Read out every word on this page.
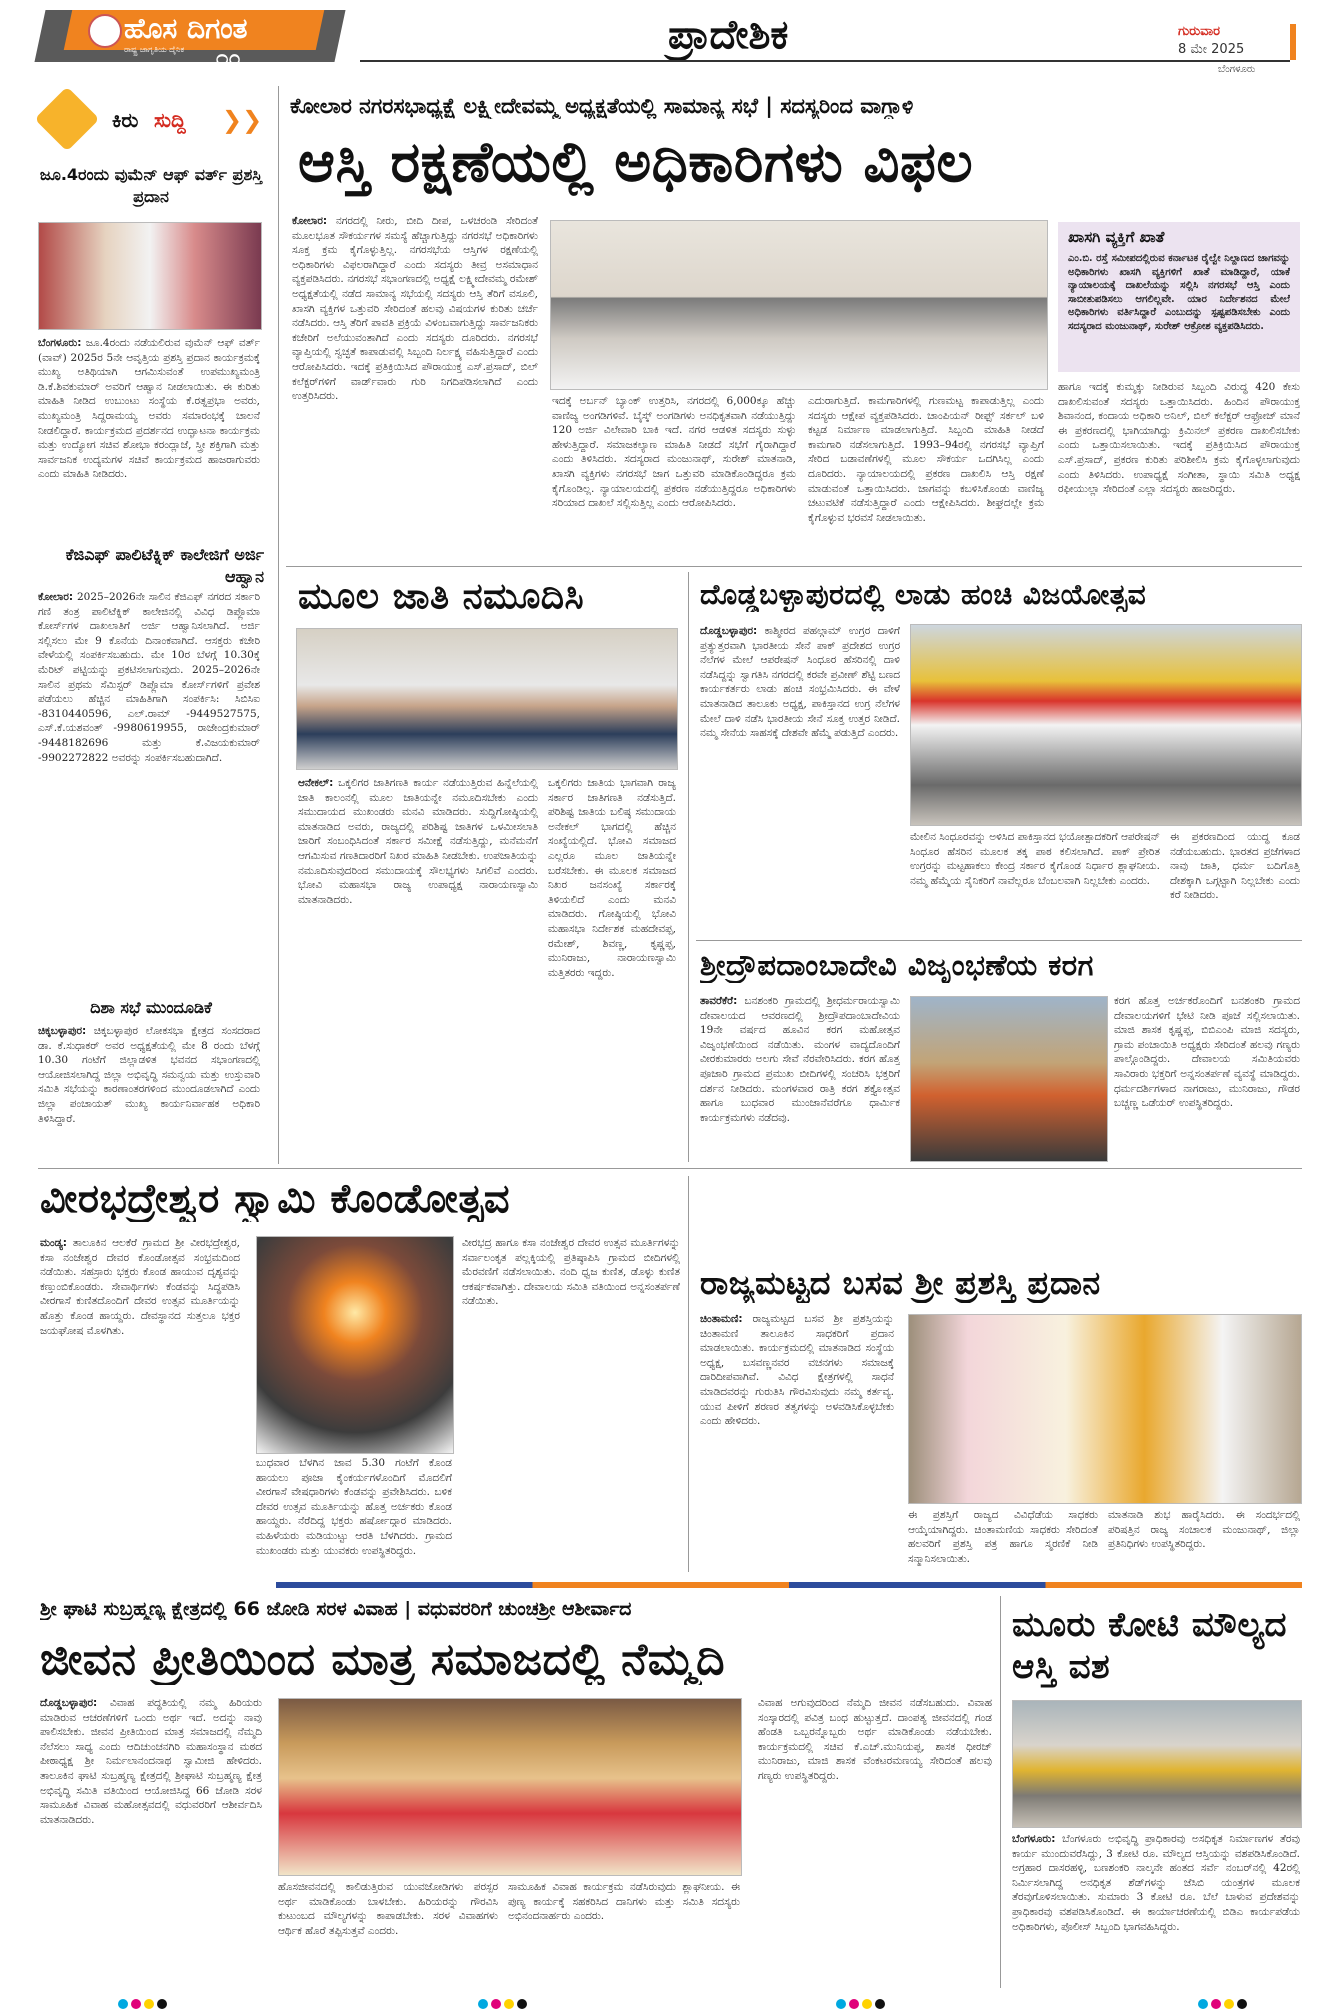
ಹೊಸ ದಿಗಂತ
ರಾಷ್ಟ್ರ ಜಾಗೃತಿಯ ದೈನಿಕ ೧೦
ಪ್ರಾದೇಶಿಕ	ಗುರುವಾರ
8 ಮೇ 2025
ಬೆಂಗಳೂರು
ಕಿರು ಸುದ್ದಿ ❯❯
ಜೂ.4ರಂದು ವುಮೆನ್ ಆಫ್ ವರ್ತ್ ಪ್ರಶಸ್ತಿ ಪ್ರದಾನ
ಬೆಂಗಳೂರು: ಜೂ.4ರಂದು ನಡೆಯಲಿರುವ ವುಮೆನ್ ಆಫ್ ವರ್ತ್ (ವಾವ್) 2025ರ 5ನೇ ಆವೃತ್ತಿಯ ಪ್ರಶಸ್ತಿ ಪ್ರದಾನ ಕಾರ್ಯಕ್ರಮಕ್ಕೆ ಮುಖ್ಯ ಅತಿಥಿಯಾಗಿ ಆಗಮಿಸುವಂತೆ ಉಪಮುಖ್ಯಮಂತ್ರಿ ಡಿ.ಕೆ.ಶಿವಕುಮಾರ್ ಅವರಿಗೆ ಆಹ್ವಾನ ನೀಡಲಾಯಿತು. ಈ ಕುರಿತು ಮಾಹಿತಿ ನೀಡಿದ ಉಬುಂಟು ಸಂಸ್ಥೆಯ ಕೆ.ರತ್ನಪ್ರಭಾ ಅವರು, ಮುಖ್ಯಮಂತ್ರಿ ಸಿದ್ದರಾಮಯ್ಯ ಅವರು ಸಮಾರಂಭಕ್ಕೆ ಚಾಲನೆ ನೀಡಲಿದ್ದಾರೆ. ಕಾರ್ಯಕ್ರಮದ ಪ್ರದರ್ಶನದ ಉದ್ಘಾಟನಾ ಕಾರ್ಯಕ್ರಮ ಮತ್ತು ಉದ್ಯೋಗ ಸಚಿವ ಶೋಭಾ ಕರಂದ್ಲಾಜೆ, ಸ್ತ್ರೀ ಶಕ್ತಿಗಾಗಿ ಮತ್ತು ಸಾರ್ವಜನಿಕ ಉದ್ಯಮಗಳ ಸಚಿವೆ ಕಾರ್ಯಕ್ರಮದ ಹಾಜರಾಗುವರು ಎಂದು ಮಾಹಿತಿ ನೀಡಿದರು.
ಕೆಜಿಎಫ್ ಪಾಲಿಟೆಕ್ನಿಕ್ ಕಾಲೇಜಿಗೆ ಅರ್ಜಿ ಆಹ್ವಾನ
ಕೋಲಾರ: 2025–2026ನೇ ಸಾಲಿನ ಕೆಜಿಎಫ್ ನಗರದ ಸರ್ಕಾರಿ ಗಣಿ ತಂತ್ರ ಪಾಲಿಟೆಕ್ನಿಕ್ ಕಾಲೇಜಿನಲ್ಲಿ ವಿವಿಧ ಡಿಪ್ಲೊಮಾ ಕೋರ್ಸ್‌ಗಳ ದಾಖಲಾತಿಗೆ ಅರ್ಜಿ ಆಹ್ವಾನಿಸಲಾಗಿದೆ. ಅರ್ಜಿ ಸಲ್ಲಿಸಲು ಮೇ 9 ಕೊನೆಯ ದಿನಾಂಕವಾಗಿದೆ. ಆಸಕ್ತರು ಕಚೇರಿ ವೇಳೆಯಲ್ಲಿ ಸಂಪರ್ಕಿಸಬಹುದು. ಮೇ 10ರ ಬೆಳಗ್ಗೆ 10.30ಕ್ಕೆ ಮೆರಿಟ್ ಪಟ್ಟಿಯನ್ನು ಪ್ರಕಟಿಸಲಾಗುವುದು. 2025–2026ನೇ ಸಾಲಿನ ಪ್ರಥಮ ಸೆಮಿಸ್ಟರ್ ಡಿಪ್ಲೊಮಾ ಕೋರ್ಸ್‌ಗಳಿಗೆ ಪ್ರವೇಶ ಪಡೆಯಲು ಹೆಚ್ಚಿನ ಮಾಹಿತಿಗಾಗಿ ಸಂಪರ್ಕಿಸಿ: ಸಿಬಿಸಿಐ -8310440596, ಎಲ್.ರಾಮ್ -9449527575, ಎಸ್.ಕೆ.ಯಶವಂತ್ -9980619955, ರಾಜೇಂದ್ರಕುಮಾರ್ -9448182696 ಮತ್ತು ಕೆ.ವಿಜಯಕುಮಾರ್ -9902272822 ಅವರನ್ನು ಸಂಪರ್ಕಿಸಬಹುದಾಗಿದೆ.
ದಿಶಾ ಸಭೆ ಮುಂದೂಡಿಕೆ
ಚಿಕ್ಕಬಳ್ಳಾಪುರ: ಚಿಕ್ಕಬಳ್ಳಾಪುರ ಲೋಕಸಭಾ ಕ್ಷೇತ್ರದ ಸಂಸದರಾದ ಡಾ. ಕೆ.ಸುಧಾಕರ್ ಅವರ ಅಧ್ಯಕ್ಷತೆಯಲ್ಲಿ ಮೇ 8 ರಂದು ಬೆಳಗ್ಗೆ 10.30 ಗಂಟೆಗೆ ಜಿಲ್ಲಾಡಳಿತ ಭವನದ ಸಭಾಂಗಣದಲ್ಲಿ ಆಯೋಜಿಸಲಾಗಿದ್ದ ಜಿಲ್ಲಾ ಅಭಿವೃದ್ಧಿ ಸಮನ್ವಯ ಮತ್ತು ಉಸ್ತುವಾರಿ ಸಮಿತಿ ಸಭೆಯನ್ನು ಕಾರಣಾಂತರಗಳಿಂದ ಮುಂದೂಡಲಾಗಿದೆ ಎಂದು ಜಿಲ್ಲಾ ಪಂಚಾಯತ್ ಮುಖ್ಯ ಕಾರ್ಯನಿರ್ವಾಹಕ ಅಧಿಕಾರಿ ತಿಳಿಸಿದ್ದಾರೆ.
ಕೋಲಾರ ನಗರಸಭಾಧ್ಯಕ್ಷೆ ಲಕ್ಷ್ಮೀದೇವಮ್ಮ ಅಧ್ಯಕ್ಷತೆಯಲ್ಲಿ ಸಾಮಾನ್ಯ ಸಭೆ | ಸದಸ್ಯರಿಂದ ವಾಗ್ದಾಳಿ
ಆಸ್ತಿ ರಕ್ಷಣೆಯಲ್ಲಿ ಅಧಿಕಾರಿಗಳು ವಿಫಲ
ಕೋಲಾರ: ನಗರದಲ್ಲಿ ನೀರು, ಬೀದಿ ದೀಪ, ಒಳಚರಂಡಿ ಸೇರಿದಂತೆ ಮೂಲಭೂತ ಸೌಕರ್ಯಗಳ ಸಮಸ್ಯೆ ಹೆಚ್ಚಾಗುತ್ತಿದ್ದು ನಗರಸಭೆ ಅಧಿಕಾರಿಗಳು ಸೂಕ್ತ ಕ್ರಮ ಕೈಗೊಳ್ಳುತ್ತಿಲ್ಲ. ನಗರಸಭೆಯ ಆಸ್ತಿಗಳ ರಕ್ಷಣೆಯಲ್ಲಿ ಅಧಿಕಾರಿಗಳು ವಿಫಲರಾಗಿದ್ದಾರೆ ಎಂದು ಸದಸ್ಯರು ತೀವ್ರ ಅಸಮಾಧಾನ ವ್ಯಕ್ತಪಡಿಸಿದರು. ನಗರಸಭೆ ಸಭಾಂಗಣದಲ್ಲಿ ಅಧ್ಯಕ್ಷೆ ಲಕ್ಷ್ಮೀದೇವಮ್ಮ ರಮೇಶ್ ಅಧ್ಯಕ್ಷತೆಯಲ್ಲಿ ನಡೆದ ಸಾಮಾನ್ಯ ಸಭೆಯಲ್ಲಿ ಸದಸ್ಯರು ಆಸ್ತಿ ತೆರಿಗೆ ವಸೂಲಿ, ಖಾಸಗಿ ವ್ಯಕ್ತಿಗಳ ಒತ್ತುವರಿ ಸೇರಿದಂತೆ ಹಲವು ವಿಷಯಗಳ ಕುರಿತು ಚರ್ಚೆ ನಡೆಸಿದರು. ಆಸ್ತಿ ತೆರಿಗೆ ಪಾವತಿ ಪ್ರಕ್ರಿಯೆ ವಿಳಂಬವಾಗುತ್ತಿದ್ದು ಸಾರ್ವಜನಿಕರು ಕಚೇರಿಗೆ ಅಲೆಯುವಂತಾಗಿದೆ ಎಂದು ಸದಸ್ಯರು ದೂರಿದರು. ನಗರಸಭೆ ವ್ಯಾಪ್ತಿಯಲ್ಲಿ ಸ್ವಚ್ಛತೆ ಕಾಪಾಡುವಲ್ಲಿ ಸಿಬ್ಬಂದಿ ನಿರ್ಲಕ್ಷ್ಯ ವಹಿಸುತ್ತಿದ್ದಾರೆ ಎಂದು ಆರೋಪಿಸಿದರು. ಇದಕ್ಕೆ ಪ್ರತಿಕ್ರಿಯಿಸಿದ ಪೌರಾಯುಕ್ತ ಎಸ್.ಪ್ರಸಾದ್, ಬಿಲ್ ಕಲೆಕ್ಟರ್‌ಗಳಿಗೆ ವಾರ್ಡ್‌ವಾರು ಗುರಿ ನಿಗದಿಪಡಿಸಲಾಗಿದೆ ಎಂದು ಉತ್ತರಿಸಿದರು.	ಇದಕ್ಕೆ ಅರ್ಬನ್ ಬ್ಯಾಂಕ್ ಉತ್ತರಿಸಿ, ನಗರದಲ್ಲಿ 6,000ಕ್ಕೂ ಹೆಚ್ಚು ವಾಣಿಜ್ಯ ಅಂಗಡಿಗಳಿವೆ. ಬೈಸ್ಕ್ ಅಂಗಡಿಗಳು ಅನಧಿಕೃತವಾಗಿ ನಡೆಯುತ್ತಿದ್ದು 120 ಅರ್ಜಿ ವಿಲೇವಾರಿ ಬಾಕಿ ಇದೆ. ನಗರ ಆಡಳಿತ ಸದಸ್ಯರು ಸುಳ್ಳು ಹೇಳುತ್ತಿದ್ದಾರೆ. ಸಮಾಜಕಲ್ಯಾಣ ಮಾಹಿತಿ ನೀಡದೆ ಸಭೆಗೆ ಗೈರಾಗಿದ್ದಾರೆ ಎಂದು ತಿಳಿಸಿದರು. ಸದಸ್ಯರಾದ ಮಂಜುನಾಥ್, ಸುರೇಶ್ ಮಾತನಾಡಿ, ಖಾಸಗಿ ವ್ಯಕ್ತಿಗಳು ನಗರಸಭೆ ಜಾಗ ಒತ್ತುವರಿ ಮಾಡಿಕೊಂಡಿದ್ದರೂ ಕ್ರಮ ಕೈಗೊಂಡಿಲ್ಲ. ನ್ಯಾಯಾಲಯದಲ್ಲಿ ಪ್ರಕರಣ ನಡೆಯುತ್ತಿದ್ದರೂ ಅಧಿಕಾರಿಗಳು ಸರಿಯಾದ ದಾಖಲೆ ಸಲ್ಲಿಸುತ್ತಿಲ್ಲ ಎಂದು ಆರೋಪಿಸಿದರು.
ಎದುರಾಗುತ್ತಿದೆ. ಕಾಮಗಾರಿಗಳಲ್ಲಿ ಗುಣಮಟ್ಟ ಕಾಪಾಡುತ್ತಿಲ್ಲ ಎಂದು ಸದಸ್ಯರು ಆಕ್ಷೇಪ ವ್ಯಕ್ತಪಡಿಸಿದರು. ಚಾಂಪಿಯನ್ ರೀಫ್ಸ್ ಸರ್ಕಲ್ ಬಳಿ ಕಟ್ಟಡ ನಿರ್ಮಾಣ ಮಾಡಲಾಗುತ್ತಿದೆ. ಸಿಬ್ಬಂದಿ ಮಾಹಿತಿ ನೀಡದೆ ಕಾಮಗಾರಿ ನಡೆಸಲಾಗುತ್ತಿದೆ. 1993–94ರಲ್ಲಿ ನಗರಸಭೆ ವ್ಯಾಪ್ತಿಗೆ ಸೇರಿದ ಬಡಾವಣೆಗಳಲ್ಲಿ ಮೂಲ ಸೌಕರ್ಯ ಒದಗಿಸಿಲ್ಲ ಎಂದು ದೂರಿದರು. ನ್ಯಾಯಾಲಯದಲ್ಲಿ ಪ್ರಕರಣ ದಾಖಲಿಸಿ ಆಸ್ತಿ ರಕ್ಷಣೆ ಮಾಡುವಂತೆ ಒತ್ತಾಯಿಸಿದರು. ಜಾಗವನ್ನು ಕಬಳಿಸಿಕೊಂಡು ವಾಣಿಜ್ಯ ಚಟುವಟಿಕೆ ನಡೆಸುತ್ತಿದ್ದಾರೆ ಎಂದು ಆಕ್ಷೇಪಿಸಿದರು. ಶೀಘ್ರದಲ್ಲೇ ಕ್ರಮ ಕೈಗೊಳ್ಳುವ ಭರವಸೆ ನೀಡಲಾಯಿತು.
ಖಾಸಗಿ ವ್ಯಕ್ತಿಗೆ ಖಾತೆ
ಎಂ.ಬಿ. ರಸ್ತೆ ಸಮೀಪದಲ್ಲಿರುವ ಕರ್ನಾಟಕ ರೈಲ್ವೇ ನಿಲ್ದಾಣದ ಜಾಗವನ್ನು ಅಧಿಕಾರಿಗಳು ಖಾಸಗಿ ವ್ಯಕ್ತಿಗಳಿಗೆ ಖಾತೆ ಮಾಡಿದ್ದಾರೆ, ಯಾಕೆ ನ್ಯಾಯಾಲಯಕ್ಕೆ ದಾಖಲೆಯನ್ನು ಸಲ್ಲಿಸಿ ನಗರಸಭೆ ಆಸ್ತಿ ಎಂದು ಸಾಬೀತುಪಡಿಸಲು ಆಗಲಿಲ್ಲವೇ. ಯಾರ ನಿರ್ದೇಶನದ ಮೇಲೆ ಅಧಿಕಾರಿಗಳು ವರ್ತಿಸಿದ್ದಾರೆ ಎಂಬುದನ್ನು ಸ್ಪಷ್ಟಪಡಿಸಬೇಕು ಎಂದು ಸದಸ್ಯರಾದ ಮಂಜುನಾಥ್, ಸುರೇಶ್ ಆಕ್ರೋಶ ವ್ಯಕ್ತಪಡಿಸಿದರು.
ಹಾಗೂ ಇದಕ್ಕೆ ಕುಮ್ಮಕ್ಕು ನೀಡಿರುವ ಸಿಬ್ಬಂದಿ ವಿರುದ್ಧ 420 ಕೇಸು ದಾಖಲಿಸುವಂತೆ ಸದಸ್ಯರು ಒತ್ತಾಯಿಸಿದರು. ಹಿಂದಿನ ಪೌರಾಯುಕ್ತ ಶಿವಾನಂದ, ಕಂದಾಯ ಅಧಿಕಾರಿ ಅನಿಲ್, ಬಿಲ್ ಕಲೆಕ್ಟರ್ ಆಫ್ರೋಜ್ ಮಾನೆ ಈ ಪ್ರಕರಣದಲ್ಲಿ ಭಾಗಿಯಾಗಿದ್ದು ಕ್ರಿಮಿನಲ್ ಪ್ರಕರಣ ದಾಖಲಿಸಬೇಕು ಎಂದು ಒತ್ತಾಯಿಸಲಾಯಿತು. ಇದಕ್ಕೆ ಪ್ರತಿಕ್ರಿಯಿಸಿದ ಪೌರಾಯುಕ್ತ ಎಸ್.ಪ್ರಸಾದ್, ಪ್ರಕರಣ ಕುರಿತು ಪರಿಶೀಲಿಸಿ ಕ್ರಮ ಕೈಗೊಳ್ಳಲಾಗುವುದು ಎಂದು ತಿಳಿಸಿದರು. ಉಪಾಧ್ಯಕ್ಷೆ ಸಂಗೀತಾ, ಸ್ಥಾಯಿ ಸಮಿತಿ ಅಧ್ಯಕ್ಷ ರಫೀಯುಲ್ಲಾ ಸೇರಿದಂತೆ ಎಲ್ಲಾ ಸದಸ್ಯರು ಹಾಜರಿದ್ದರು.
ಮೂಲ ಜಾತಿ ನಮೂದಿಸಿ
ಆನೇಕಲ್: ಒಕ್ಕಲಿಗರ ಜಾತಿಗಣತಿ ಕಾರ್ಯ ನಡೆಯುತ್ತಿರುವ ಹಿನ್ನೆಲೆಯಲ್ಲಿ ಜಾತಿ ಕಾಲಂನಲ್ಲಿ ಮೂಲ ಜಾತಿಯನ್ನೇ ನಮೂದಿಸಬೇಕು ಎಂದು ಸಮುದಾಯದ ಮುಖಂಡರು ಮನವಿ ಮಾಡಿದರು. ಸುದ್ದಿಗೋಷ್ಠಿಯಲ್ಲಿ ಮಾತನಾಡಿದ ಅವರು, ರಾಜ್ಯದಲ್ಲಿ ಪರಿಶಿಷ್ಟ ಜಾತಿಗಳ ಒಳಮೀಸಲಾತಿ ಜಾರಿಗೆ ಸಂಬಂಧಿಸಿದಂತೆ ಸರ್ಕಾರ ಸಮೀಕ್ಷೆ ನಡೆಸುತ್ತಿದ್ದು, ಮನೆಮನೆಗೆ ಆಗಮಿಸುವ ಗಣತಿದಾರರಿಗೆ ನಿಖರ ಮಾಹಿತಿ ನೀಡಬೇಕು. ಉಪಜಾತಿಯನ್ನು ನಮೂದಿಸುವುದರಿಂದ ಸಮುದಾಯಕ್ಕೆ ಸೌಲಭ್ಯಗಳು ಸಿಗಲಿವೆ ಎಂದರು. ಭೋವಿ ಮಹಾಸಭಾ ರಾಜ್ಯ ಉಪಾಧ್ಯಕ್ಷ ನಾರಾಯಣಸ್ವಾಮಿ ಮಾತನಾಡಿದರು.
ಒಕ್ಕಲಿಗರು ಜಾತಿಯ ಭಾಗವಾಗಿ ರಾಜ್ಯ ಸರ್ಕಾರ ಜಾತಿಗಣತಿ ನಡೆಸುತ್ತಿದೆ. ಪರಿಶಿಷ್ಟ ಜಾತಿಯ ಬಲಿಷ್ಠ ಸಮುದಾಯ ಅನೇಕಲ್ ಭಾಗದಲ್ಲಿ ಹೆಚ್ಚಿನ ಸಂಖ್ಯೆಯಲ್ಲಿದೆ. ಭೋವಿ ಸಮಾಜದ ಎಲ್ಲರೂ ಮೂಲ ಜಾತಿಯನ್ನೇ ಬರೆಸಬೇಕು. ಈ ಮೂಲಕ ಸಮಾಜದ ನಿಖರ ಜನಸಂಖ್ಯೆ ಸರ್ಕಾರಕ್ಕೆ ತಿಳಿಯಲಿದೆ ಎಂದು ಮನವಿ ಮಾಡಿದರು. ಗೋಷ್ಠಿಯಲ್ಲಿ ಭೋವಿ ಮಹಾಸಭಾ ನಿರ್ದೇಶಕ ಮಹದೇವಪ್ಪ, ರಮೇಶ್, ಶಿವಣ್ಣ, ಕೃಷ್ಣಪ್ಪ, ಮುನಿರಾಜು, ನಾರಾಯಣಸ್ವಾಮಿ ಮತ್ತಿತರರು ಇದ್ದರು.
ದೊಡ್ಡಬಳ್ಳಾಪುರದಲ್ಲಿ ಲಾಡು ಹಂಚಿ ವಿಜಯೋತ್ಸವ
ದೊಡ್ಡಬಳ್ಳಾಪುರ: ಕಾಶ್ಮೀರದ ಪಹಲ್ಗಾಮ್ ಉಗ್ರರ ದಾಳಿಗೆ ಪ್ರತ್ಯುತ್ತರವಾಗಿ ಭಾರತೀಯ ಸೇನೆ ಪಾಕ್ ಪ್ರದೇಶದ ಉಗ್ರರ ನೆಲೆಗಳ ಮೇಲೆ ಆಪರೇಷನ್ ಸಿಂಧೂರ ಹೆಸರಿನಲ್ಲಿ ದಾಳಿ ನಡೆಸಿದ್ದನ್ನು ಸ್ವಾಗತಿಸಿ ನಗರದಲ್ಲಿ ಕರವೇ ಪ್ರವೀಣ್ ಶೆಟ್ಟಿ ಬಣದ ಕಾರ್ಯಕರ್ತರು ಲಾಡು ಹಂಚಿ ಸಂಭ್ರಮಿಸಿದರು. ಈ ವೇಳೆ ಮಾತನಾಡಿದ ತಾಲೂಕು ಅಧ್ಯಕ್ಷ, ಪಾಕಿಸ್ತಾನದ ಉಗ್ರ ನೆಲೆಗಳ ಮೇಲೆ ದಾಳಿ ನಡೆಸಿ ಭಾರತೀಯ ಸೇನೆ ಸೂಕ್ತ ಉತ್ತರ ನೀಡಿದೆ. ನಮ್ಮ ಸೇನೆಯ ಸಾಹಸಕ್ಕೆ ದೇಶವೇ ಹೆಮ್ಮೆ ಪಡುತ್ತಿದೆ ಎಂದರು.
ಮೇಲಿನ ಸಿಂಧೂರವನ್ನು ಅಳಿಸಿದ ಪಾಕಿಸ್ತಾನದ ಭಯೋತ್ಪಾದಕರಿಗೆ ಆಪರೇಷನ್ ಸಿಂಧೂರ ಹೆಸರಿನ ಮೂಲಕ ತಕ್ಕ ಪಾಠ ಕಲಿಸಲಾಗಿದೆ. ಪಾಕ್ ಪ್ರೇರಿತ ಉಗ್ರರನ್ನು ಮಟ್ಟಹಾಕಲು ಕೇಂದ್ರ ಸರ್ಕಾರ ಕೈಗೊಂಡ ನಿರ್ಧಾರ ಶ್ಲಾಘನೀಯ. ನಮ್ಮ ಹೆಮ್ಮೆಯ ಸೈನಿಕರಿಗೆ ನಾವೆಲ್ಲರೂ ಬೆಂಬಲವಾಗಿ ನಿಲ್ಲಬೇಕು ಎಂದರು.
ಈ ಪ್ರಕರಣದಿಂದ ಯುದ್ಧ ಕೂಡ ನಡೆಯಬಹುದು. ಭಾರತದ ಪ್ರಜೆಗಳಾದ ನಾವು ಜಾತಿ, ಧರ್ಮ ಬದಿಗೊತ್ತಿ ದೇಶಕ್ಕಾಗಿ ಒಗ್ಗಟ್ಟಾಗಿ ನಿಲ್ಲಬೇಕು ಎಂದು ಕರೆ ನೀಡಿದರು.
ಶ್ರೀದ್ರೌಪದಾಂಬಾದೇವಿ ವಿಜೃಂಭಣೆಯ ಕರಗ
ತಾವರೆಕೆರೆ: ಬನಶಂಕರಿ ಗ್ರಾಮದಲ್ಲಿ ಶ್ರೀಧರ್ಮರಾಯಸ್ವಾಮಿ ದೇವಾಲಯದ ಆವರಣದಲ್ಲಿ ಶ್ರೀದ್ರೌಪದಾಂಬಾದೇವಿಯ 19ನೇ ವರ್ಷದ ಹೂವಿನ ಕರಗ ಮಹೋತ್ಸವ ವಿಜೃಂಭಣೆಯಿಂದ ನಡೆಯಿತು. ಮಂಗಳ ವಾದ್ಯದೊಂದಿಗೆ ವೀರಕುಮಾರರು ಅಲಗು ಸೇವೆ ನೆರವೇರಿಸಿದರು. ಕರಗ ಹೊತ್ತ ಪೂಜಾರಿ ಗ್ರಾಮದ ಪ್ರಮುಖ ಬೀದಿಗಳಲ್ಲಿ ಸಂಚರಿಸಿ ಭಕ್ತರಿಗೆ ದರ್ಶನ ನೀಡಿದರು. ಮಂಗಳವಾರ ರಾತ್ರಿ ಕರಗ ಶಕ್ತ್ಯೋತ್ಸವ ಹಾಗೂ ಬುಧವಾರ ಮುಂಜಾನೆವರೆಗೂ ಧಾರ್ಮಿಕ ಕಾರ್ಯಕ್ರಮಗಳು ನಡೆದವು.
ಕರಗ ಹೊತ್ತ ಅರ್ಚಕರೊಂದಿಗೆ ಬನಶಂಕರಿ ಗ್ರಾಮದ ದೇವಾಲಯಗಳಿಗೆ ಭೇಟಿ ನೀಡಿ ಪೂಜೆ ಸಲ್ಲಿಸಲಾಯಿತು. ಮಾಜಿ ಶಾಸಕ ಕೃಷ್ಣಪ್ಪ, ಬಿಬಿಎಂಪಿ ಮಾಜಿ ಸದಸ್ಯರು, ಗ್ರಾಮ ಪಂಚಾಯಿತಿ ಅಧ್ಯಕ್ಷರು ಸೇರಿದಂತೆ ಹಲವು ಗಣ್ಯರು ಪಾಲ್ಗೊಂಡಿದ್ದರು. ದೇವಾಲಯ ಸಮಿತಿಯವರು ಸಾವಿರಾರು ಭಕ್ತರಿಗೆ ಅನ್ನಸಂತರ್ಪಣೆ ವ್ಯವಸ್ಥೆ ಮಾಡಿದ್ದರು. ಧರ್ಮದರ್ಶಿಗಳಾದ ನಾಗರಾಜು, ಮುನಿರಾಜು, ಗೌಡರ ಬಚ್ಚಣ್ಣ ಒಡೆಯರ್ ಉಪಸ್ಥಿತರಿದ್ದರು.
ವೀರಭದ್ರೇಶ್ವರ ಸ್ವಾಮಿ ಕೊಂಡೋತ್ಸವ
ಮಂಡ್ಯ: ತಾಲೂಕಿನ ಆಲಕೆರೆ ಗ್ರಾಮದ ಶ್ರೀ ವೀರಭದ್ರೇಶ್ವರ, ಕಸಾ ನಂಜೇಶ್ವರ ದೇವರ ಕೊಂಡೋತ್ಸವ ಸಂಭ್ರಮದಿಂದ ನಡೆಯಿತು. ಸಹಸ್ರಾರು ಭಕ್ತರು ಕೊಂಡ ಹಾಯುವ ದೃಶ್ಯವನ್ನು ಕಣ್ತುಂಬಿಕೊಂಡರು. ಸೇವಾರ್ಥಿಗಳು ಕೆಂಡವನ್ನು ಸಿದ್ಧಪಡಿಸಿ ವೀರಗಾಸೆ ಕುಣಿತದೊಂದಿಗೆ ದೇವರ ಉತ್ಸವ ಮೂರ್ತಿಯನ್ನು ಹೊತ್ತು ಕೊಂಡ ಹಾಯ್ದರು. ದೇವಸ್ಥಾನದ ಸುತ್ತಲೂ ಭಕ್ತರ ಜಯಘೋಷ ಮೊಳಗಿತು.
ಬುಧವಾರ ಬೆಳಗಿನ ಜಾವ 5.30 ಗಂಟೆಗೆ ಕೊಂಡ ಹಾಯಲು ಪೂಜಾ ಕೈಂಕರ್ಯಗಳೊಂದಿಗೆ ಮೊದಲಿಗೆ ವೀರಗಾಸೆ ವೇಷಧಾರಿಗಳು ಕೆಂಡವನ್ನು ಪ್ರವೇಶಿಸಿದರು. ಬಳಿಕ ದೇವರ ಉತ್ಸವ ಮೂರ್ತಿಯನ್ನು ಹೊತ್ತ ಅರ್ಚಕರು ಕೊಂಡ ಹಾಯ್ದರು. ನೆರೆದಿದ್ದ ಭಕ್ತರು ಹರ್ಷೋದ್ಗಾರ ಮಾಡಿದರು. ಮಹಿಳೆಯರು ಮಡಿಯುಟ್ಟು ಆರತಿ ಬೆಳಗಿದರು. ಗ್ರಾಮದ ಮುಖಂಡರು ಮತ್ತು ಯುವಕರು ಉಪಸ್ಥಿತರಿದ್ದರು.
ವೀರಭದ್ರ ಹಾಗೂ ಕಸಾ ನಂಜೇಶ್ವರ ದೇವರ ಉತ್ಸವ ಮೂರ್ತಿಗಳನ್ನು ಸರ್ವಾಲಂಕೃತ ಪಲ್ಲಕ್ಕಿಯಲ್ಲಿ ಪ್ರತಿಷ್ಠಾಪಿಸಿ ಗ್ರಾಮದ ಬೀದಿಗಳಲ್ಲಿ ಮೆರವಣಿಗೆ ನಡೆಸಲಾಯಿತು. ನಂದಿ ಧ್ವಜ ಕುಣಿತ, ಡೊಳ್ಳು ಕುಣಿತ ಆಕರ್ಷಕವಾಗಿತ್ತು. ದೇವಾಲಯ ಸಮಿತಿ ವತಿಯಿಂದ ಅನ್ನಸಂತರ್ಪಣೆ ನಡೆಯಿತು.	ರಾಜ್ಯಮಟ್ಟದ ಬಸವ ಶ್ರೀ ಪ್ರಶಸ್ತಿ ಪ್ರದಾನ
ಚಿಂತಾಮಣಿ: ರಾಜ್ಯಮಟ್ಟದ ಬಸವ ಶ್ರೀ ಪ್ರಶಸ್ತಿಯನ್ನು ಚಿಂತಾಮಣಿ ತಾಲೂಕಿನ ಸಾಧಕರಿಗೆ ಪ್ರದಾನ ಮಾಡಲಾಯಿತು. ಕಾರ್ಯಕ್ರಮದಲ್ಲಿ ಮಾತನಾಡಿದ ಸಂಸ್ಥೆಯ ಅಧ್ಯಕ್ಷ, ಬಸವಣ್ಣನವರ ವಚನಗಳು ಸಮಾಜಕ್ಕೆ ದಾರಿದೀಪವಾಗಿವೆ. ವಿವಿಧ ಕ್ಷೇತ್ರಗಳಲ್ಲಿ ಸಾಧನೆ ಮಾಡಿದವರನ್ನು ಗುರುತಿಸಿ ಗೌರವಿಸುವುದು ನಮ್ಮ ಕರ್ತವ್ಯ. ಯುವ ಪೀಳಿಗೆ ಶರಣರ ತತ್ವಗಳನ್ನು ಅಳವಡಿಸಿಕೊಳ್ಳಬೇಕು ಎಂದು ಹೇಳಿದರು.
ಈ ಪ್ರಶಸ್ತಿಗೆ ರಾಜ್ಯದ ವಿವಿಧೆಡೆಯ ಸಾಧಕರು ಆಯ್ಕೆಯಾಗಿದ್ದರು. ಚಿಂತಾಮಣಿಯ ಸಾಧಕರು ಸೇರಿದಂತೆ ಹಲವರಿಗೆ ಪ್ರಶಸ್ತಿ ಪತ್ರ ಹಾಗೂ ಸ್ಮರಣಿಕೆ ನೀಡಿ ಸನ್ಮಾನಿಸಲಾಯಿತು.
ಮಾತನಾಡಿ ಶುಭ ಹಾರೈಸಿದರು. ಈ ಸಂದರ್ಭದಲ್ಲಿ ಪರಿಷತ್ತಿನ ರಾಜ್ಯ ಸಂಚಾಲಕ ಮಂಜುನಾಥ್, ಜಿಲ್ಲಾ ಪ್ರತಿನಿಧಿಗಳು ಉಪಸ್ಥಿತರಿದ್ದರು.
ಶ್ರೀ ಘಾಟಿ ಸುಬ್ರಹ್ಮಣ್ಯ ಕ್ಷೇತ್ರದಲ್ಲಿ 66 ಜೋಡಿ ಸರಳ ವಿವಾಹ | ವಧುವರರಿಗೆ ಚುಂಚಶ್ರೀ ಆಶೀರ್ವಾದ
ಜೀವನ ಪ್ರೀತಿಯಿಂದ ಮಾತ್ರ ಸಮಾಜದಲ್ಲಿ ನೆಮ್ಮದಿ
ದೊಡ್ಡಬಳ್ಳಾಪುರ: ವಿವಾಹ ಪದ್ಧತಿಯಲ್ಲಿ ನಮ್ಮ ಹಿರಿಯರು ಮಾಡಿರುವ ಆಚರಣೆಗಳಿಗೆ ಒಂದು ಅರ್ಥ ಇದೆ. ಅದನ್ನು ನಾವು ಪಾಲಿಸಬೇಕು. ಜೀವನ ಪ್ರೀತಿಯಿಂದ ಮಾತ್ರ ಸಮಾಜದಲ್ಲಿ ನೆಮ್ಮದಿ ನೆಲೆಸಲು ಸಾಧ್ಯ ಎಂದು ಆದಿಚುಂಚನಗಿರಿ ಮಹಾಸಂಸ್ಥಾನ ಮಠದ ಪೀಠಾಧ್ಯಕ್ಷ ಶ್ರೀ ನಿರ್ಮಲಾನಂದನಾಥ ಸ್ವಾಮೀಜಿ ಹೇಳಿದರು. ತಾಲೂಕಿನ ಘಾಟಿ ಸುಬ್ರಹ್ಮಣ್ಯ ಕ್ಷೇತ್ರದಲ್ಲಿ ಶ್ರೀಘಾಟಿ ಸುಬ್ರಹ್ಮಣ್ಯ ಕ್ಷೇತ್ರ ಅಭಿವೃದ್ಧಿ ಸಮಿತಿ ವತಿಯಿಂದ ಆಯೋಜಿಸಿದ್ದ 66 ಜೋಡಿ ಸರಳ ಸಾಮೂಹಿಕ ವಿವಾಹ ಮಹೋತ್ಸವದಲ್ಲಿ ವಧುವರರಿಗೆ ಆಶೀರ್ವದಿಸಿ ಮಾತನಾಡಿದರು.
ಹೊಸಜೀವನದಲ್ಲಿ ಕಾಲಿಡುತ್ತಿರುವ ಯುವಜೋಡಿಗಳು ಪರಸ್ಪರ ಅರ್ಥ ಮಾಡಿಕೊಂಡು ಬಾಳಬೇಕು. ಹಿರಿಯರನ್ನು ಗೌರವಿಸಿ ಕುಟುಂಬದ ಮೌಲ್ಯಗಳನ್ನು ಕಾಪಾಡಬೇಕು. ಸರಳ ವಿವಾಹಗಳು ಆರ್ಥಿಕ ಹೊರೆ ತಪ್ಪಿಸುತ್ತವೆ ಎಂದರು.
ಸಾಮೂಹಿಕ ವಿವಾಹ ಕಾರ್ಯಕ್ರಮ ನಡೆಸಿರುವುದು ಶ್ಲಾಘನೀಯ. ಈ ಪುಣ್ಯ ಕಾರ್ಯಕ್ಕೆ ಸಹಕರಿಸಿದ ದಾನಿಗಳು ಮತ್ತು ಸಮಿತಿ ಸದಸ್ಯರು ಅಭಿನಂದನಾರ್ಹರು ಎಂದರು.
ವಿವಾಹ ಅಗುವುದರಿಂದ ನೆಮ್ಮದಿ ಜೀವನ ನಡೆಸಬಹುದು. ವಿವಾಹ ಸಂಸ್ಕಾರದಲ್ಲಿ ಪವಿತ್ರ ಬಂಧ ಹುಟ್ಟುತ್ತದೆ. ದಾಂಪತ್ಯ ಜೀವನದಲ್ಲಿ ಗಂಡ ಹೆಂಡತಿ ಒಬ್ಬರನ್ನೊಬ್ಬರು ಅರ್ಥ ಮಾಡಿಕೊಂಡು ನಡೆಯಬೇಕು. ಕಾರ್ಯಕ್ರಮದಲ್ಲಿ ಸಚಿವ ಕೆ.ಎಚ್.ಮುನಿಯಪ್ಪ, ಶಾಸಕ ಧೀರಜ್ ಮುನಿರಾಜು, ಮಾಜಿ ಶಾಸಕ ವೆಂಕಟರಮಣಯ್ಯ ಸೇರಿದಂತೆ ಹಲವು ಗಣ್ಯರು ಉಪಸ್ಥಿತರಿದ್ದರು.
ಮೂರು ಕೋಟಿ ಮೌಲ್ಯದ ಆಸ್ತಿ ವಶ
ಬೆಂಗಳೂರು: ಬೆಂಗಳೂರು ಅಭಿವೃದ್ಧಿ ಪ್ರಾಧಿಕಾರವು ಅಸಧಿಕೃತ ನಿರ್ಮಾಣಗಳ ತೆರವು ಕಾರ್ಯ ಮುಂದುವರೆಸಿದ್ದು, 3 ಕೋಟಿ ರೂ. ಮೌಲ್ಯದ ಆಸ್ತಿಯನ್ನು ವಶಪಡಿಸಿಕೊಂಡಿದೆ. ಅಗ್ರಹಾರ ದಾಸರಹಳ್ಳಿ, ಬಣಶಂಕರಿ ನಾಲ್ಕನೇ ಹಂತದ ಸರ್ವೆ ನಂಬರ್‌ನಲ್ಲಿ 42ರಲ್ಲಿ ನಿರ್ಮಿಸಲಾಗಿದ್ದ ಅನಧಿಕೃತ ಶೆಡ್‌ಗಳನ್ನು ಜೆಸಿಬಿ ಯಂತ್ರಗಳ ಮೂಲಕ ತೆರವುಗೊಳಿಸಲಾಯಿತು. ಸುಮಾರು 3 ಕೋಟಿ ರೂ. ಬೆಲೆ ಬಾಳುವ ಪ್ರದೇಶವನ್ನು ಪ್ರಾಧಿಕಾರವು ವಶಪಡಿಸಿಕೊಂಡಿದೆ. ಈ ಕಾರ್ಯಾಚರಣೆಯಲ್ಲಿ ಬಿಡಿಎ ಕಾರ್ಯಪಡೆಯ ಅಧಿಕಾರಿಗಳು, ಪೊಲೀಸ್ ಸಿಬ್ಬಂದಿ ಭಾಗವಹಿಸಿದ್ದರು.
